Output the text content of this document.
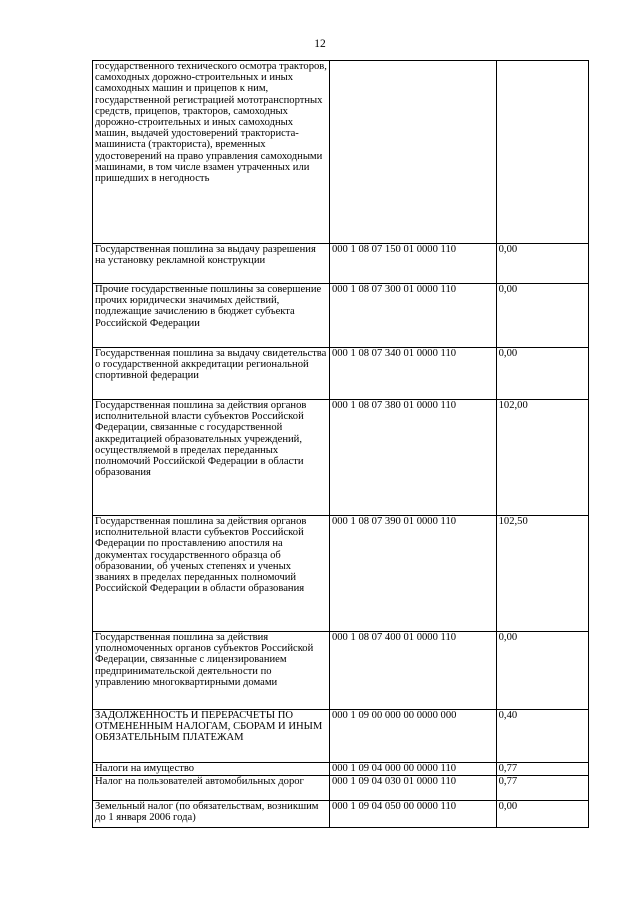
12
государственного технического осмотра тракторов, самоходных дорожно-строительных и иных самоходных машин и прицепов к ним, государственной регистрацией мототранспортных средств, прицепов, тракторов, самоходных дорожно-строительных и иных самоходных машин, выдачей удостоверений тракториста-машиниста (тракториста), временных удостоверений на право управления самоходными машинами, в том числе взамен утраченных или пришедших в негодность		
Государственная пошлина за выдачу разрешения на установку рекламной конструкции	000 1 08 07 150 01 0000 110	0,00
Прочие государственные пошлины за совершение прочих юридически значимых действий, подлежащие зачислению в бюджет субъекта Российской Федерации	000 1 08 07 300 01 0000 110	0,00
Государственная пошлина за выдачу свидетельства о государственной аккредитации региональной спортивной федерации	000 1 08 07 340 01 0000 110	0,00
Государственная пошлина за действия органов исполнительной власти субъектов Российской Федерации, связанные с государственной аккредитацией образовательных учреждений, осуществляемой в пределах переданных полномочий Российской Федерации в области образования	000 1 08 07 380 01 0000 110	102,00
Государственная пошлина за действия органов исполнительной власти субъектов Российской Федерации по проставлению апостиля на документах государственного образца об образовании, об ученых степенях и ученых званиях в пределах переданных полномочий Российской Федерации в области образования	000 1 08 07 390 01 0000 110	102,50
Государственная пошлина за действия уполномоченных органов субъектов Российской Федерации, связанные с лицензированием предпринимательской деятельности по управлению многоквартирными домами	000 1 08 07 400 01 0000 110	0,00
ЗАДОЛЖЕННОСТЬ И ПЕРЕРАСЧЕТЫ ПО ОТМЕНЕННЫМ НАЛОГАМ, СБОРАМ И ИНЫМ ОБЯЗАТЕЛЬНЫМ ПЛАТЕЖАМ	000 1 09 00 000 00 0000 000	0,40
Налоги на имущество	000 1 09 04 000 00 0000 110	0,77
Налог на пользователей автомобильных дорог	000 1 09 04 030 01 0000 110	0,77
Земельный налог (по обязательствам, возникшим до 1 января 2006 года)	000 1 09 04 050 00 0000 110	0,00
